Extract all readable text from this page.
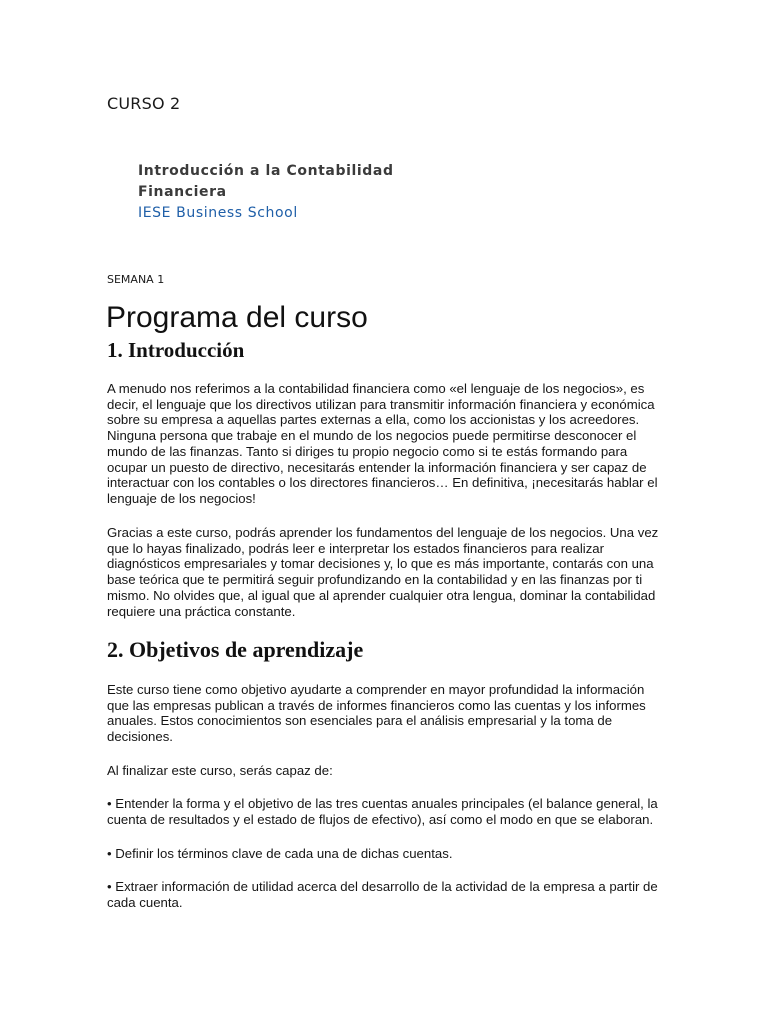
CURSO 2
Introducción a la Contabilidad
Financiera
IESE Business School
SEMANA 1
Programa del curso
1. Introducción

A menudo nos referimos a la contabilidad financiera como «el lenguaje de los negocios», es decir, el lenguaje que los directivos utilizan para transmitir información financiera y económica sobre su empresa a aquellas partes externas a ella, como los accionistas y los acreedores. Ninguna persona que trabaje en el mundo de los negocios puede permitirse desconocer el mundo de las finanzas. Tanto si diriges tu propio negocio como si te estás formando para ocupar un puesto de directivo, necesitarás entender la información financiera y ser capaz de interactuar con los contables o los directores financieros… En definitiva, ¡necesitarás hablar el lenguaje de los negocios!

Gracias a este curso, podrás aprender los fundamentos del lenguaje de los negocios. Una vez que lo hayas finalizado, podrás leer e interpretar los estados financieros para realizar diagnósticos empresariales y tomar decisiones y, lo que es más importante, contarás con una base teórica que te permitirá seguir profundizando en la contabilidad y en las finanzas por ti mismo. No olvides que, al igual que al aprender cualquier otra lengua, dominar la contabilidad requiere una práctica constante.

2. Objetivos de aprendizaje

Este curso tiene como objetivo ayudarte a comprender en mayor profundidad la información que las empresas publican a través de informes financieros como las cuentas y los informes anuales. Estos conocimientos son esenciales para el análisis empresarial y la toma de decisiones.

Al finalizar este curso, serás capaz de:

• Entender la forma y el objetivo de las tres cuentas anuales principales (el balance general, la cuenta de resultados y el estado de flujos de efectivo), así como el modo en que se elaboran.

• Definir los términos clave de cada una de dichas cuentas.

• Extraer información de utilidad acerca del desarrollo de la actividad de la empresa a partir de cada cuenta.
